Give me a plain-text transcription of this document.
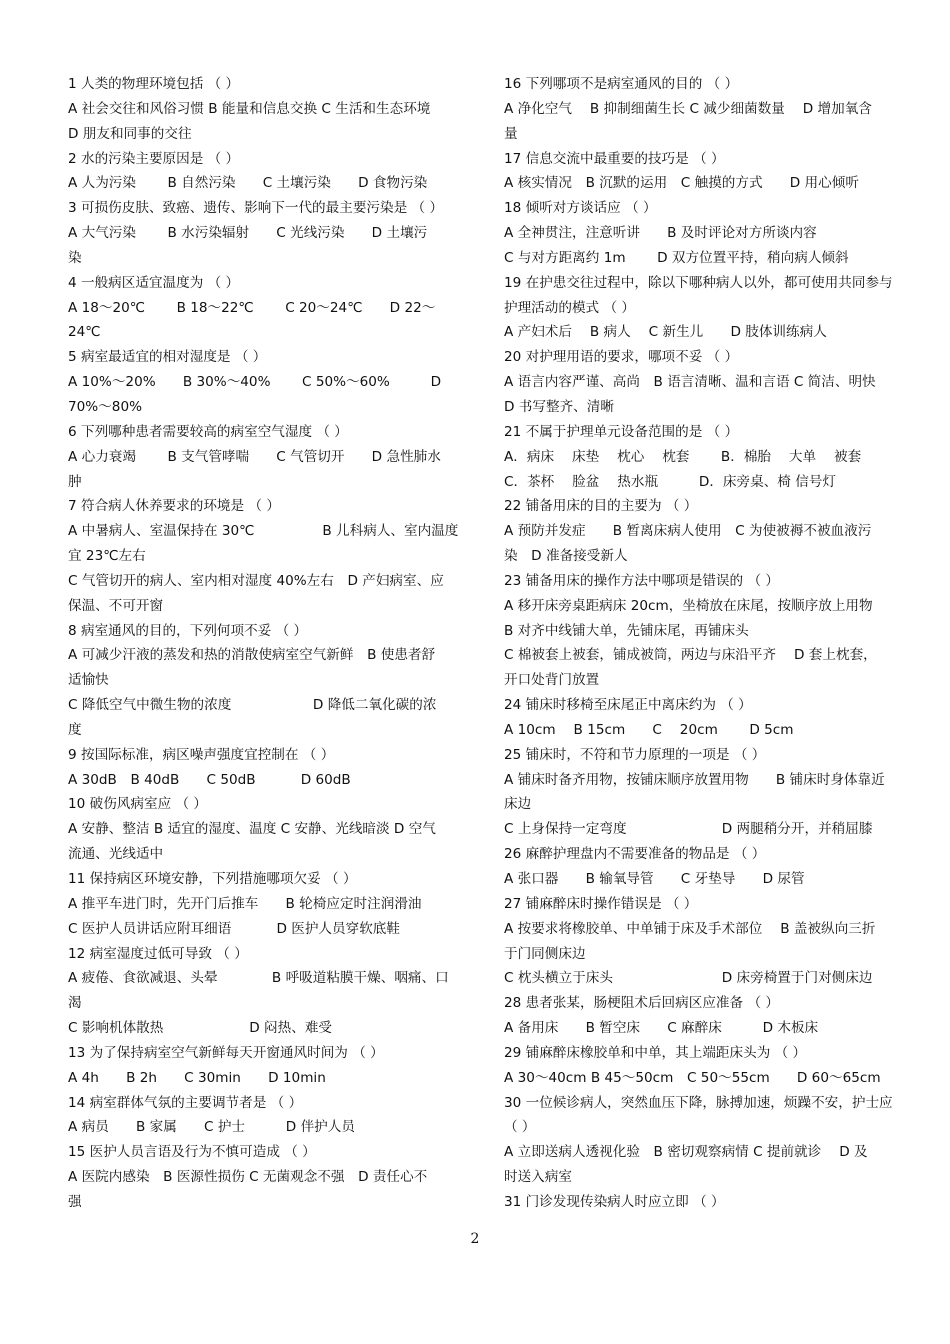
1 人类的物理环境包括 （ ）
A 社会交往和风俗习惯 B 能量和信息交换 C 生活和生态环境
D 朋友和同事的交往
2 水的污染主要原因是 （ ）
A 人为污染　　 B 自然污染　　C 土壤污染　　D 食物污染
3 可损伤皮肤、致癌、遗传、影响下一代的最主要污染是 （ ）
A 大气污染　　 B 水污染辐射　　C 光线污染　　D 土壤污
染
4 一般病区适宜温度为 （ ）
A 18～20℃　　 B 18～22℃　　 C 20～24℃　　D 22～
24℃
5 病室最适宜的相对湿度是 （ ）
A 10%～20%　　B 30%～40%　　 C 50%～60%　　　D
70%～80%
6 下列哪种患者需要较高的病室空气湿度 （ ）
A 心力衰竭　　 B 支气管哮喘　　C 气管切开　　D 急性肺水
肿
7 符合病人休养要求的环境是 （ ）
A 中暑病人、室温保持在 30℃　　　　　B 儿科病人、室内温度
宜 23℃左右
C 气管切开的病人、室内相对湿度 40%左右　D 产妇病室、应
保温、不可开窗
8 病室通风的目的，下列何项不妥 （ ）
A 可减少汗液的蒸发和热的消散使病室空气新鲜　B 使患者舒
适愉快
C 降低空气中微生物的浓度　　　　　　D 降低二氧化碳的浓
度
9 按国际标准，病区噪声强度宜控制在 （ ）
A 30dB　B 40dB　　C 50dB　　　 D 60dB
10 破伤风病室应 （ ）
A 安静、整洁 B 适宜的湿度、温度 C 安静、光线暗淡 D 空气
流通、光线适中
11 保持病区环境安静，下列措施哪项欠妥 （ ）
A 推平车进门时，先开门后推车　　B 轮椅应定时注润滑油
C 医护人员讲话应附耳细语　　　 D 医护人员穿软底鞋
12 病室湿度过低可导致 （ ）
A 疲倦、食欲减退、头晕　　　　B 呼吸道粘膜干燥、咽痛、口
渴
C 影响机体散热　　　　　　 D 闷热、难受
13 为了保持病室空气新鲜每天开窗通风时间为 （ ）
A 4h　　B 2h　　C 30min　　D 10min
14 病室群体气氛的主要调节者是 （ ）
A 病员　　B 家属　　C 护士　　　D 伴护人员
15 医护人员言语及行为不慎可造成 （ ）
A 医院内感染　B 医源性损伤 C 无菌观念不强　D 责任心不
强
16 下列哪项不是病室通风的目的 （ ）
A 净化空气　 B 抑制细菌生长 C 减少细菌数量　 D 增加氧含
量
17 信息交流中最重要的技巧是 （ ）
A 核实情况　B 沉默的运用　C 触摸的方式　　D 用心倾听
18 倾听对方谈话应 （ ）
A 全神贯注，注意听讲　　B 及时评论对方所谈内容
C 与对方距离约 1m　　 D 双方位置平持，稍向病人倾斜
19 在护患交往过程中，除以下哪种病人以外，都可使用共同参与
护理活动的模式 （ ）
A 产妇术后　 B 病人　 C 新生儿　　D 肢体训练病人
20 对护理用语的要求，哪项不妥 （ ）
A 语言内容严谨、高尚　B 语言清晰、温和言语 C 简洁、明快
D 书写整齐、清晰
21 不属于护理单元设备范围的是 （ ）
A．病床　 床垫　 枕心　 枕套　　 B．棉胎　 大单　 被套
C．茶杯　 脸盆　 热水瓶　　　D．床旁桌、椅 信号灯
22 铺备用床的目的主要为 （ ）
A 预防并发症　　B 暂离床病人使用　C 为使被褥不被血液污
染　D 准备接受新人
23 铺备用床的操作方法中哪项是错误的 （ ）
A 移开床旁桌距病床 20cm，坐椅放在床尾，按顺序放上用物
B 对齐中线铺大单，先铺床尾，再铺床头
C 棉被套上被套，铺成被筒，两边与床沿平齐　 D 套上枕套，
开口处背门放置
24 铺床时移椅至床尾正中离床约为 （ ）
A 10cm　 B 15cm　　C　 20cm　　 D 5cm
25 铺床时，不符和节力原理的一项是 （ ）
A 铺床时备齐用物，按铺床顺序放置用物　　B 铺床时身体靠近
床边
C 上身保持一定弯度　　　　　　　D 两腿稍分开，并稍屈膝
26 麻醉护理盘内不需要准备的物品是 （ ）
A 张口器　　B 输氧导管　　C 牙垫导　　D 尿管
27 铺麻醉床时操作错误是 （ ）
A 按要求将橡胶单、中单铺于床及手术部位　 B 盖被纵向三折
于门同侧床边
C 枕头横立于床头　　　　　　　　D 床旁椅置于门对侧床边
28 患者张某，肠梗阻术后回病区应准备 （ ）
A 备用床　　B 暂空床　　C 麻醉床　　　D 木板床
29 铺麻醉床橡胶单和中单，其上端距床头为 （ ）
A 30～40cm B 45～50cm　C 50～55cm　　D 60～65cm
30 一位候诊病人，突然血压下降，脉搏加速，烦躁不安，护士应
（ ）
A 立即送病人透视化验　B 密切观察病情 C 提前就诊　 D 及
时送入病室
31 门诊发现传染病人时应立即 （ ）
2
